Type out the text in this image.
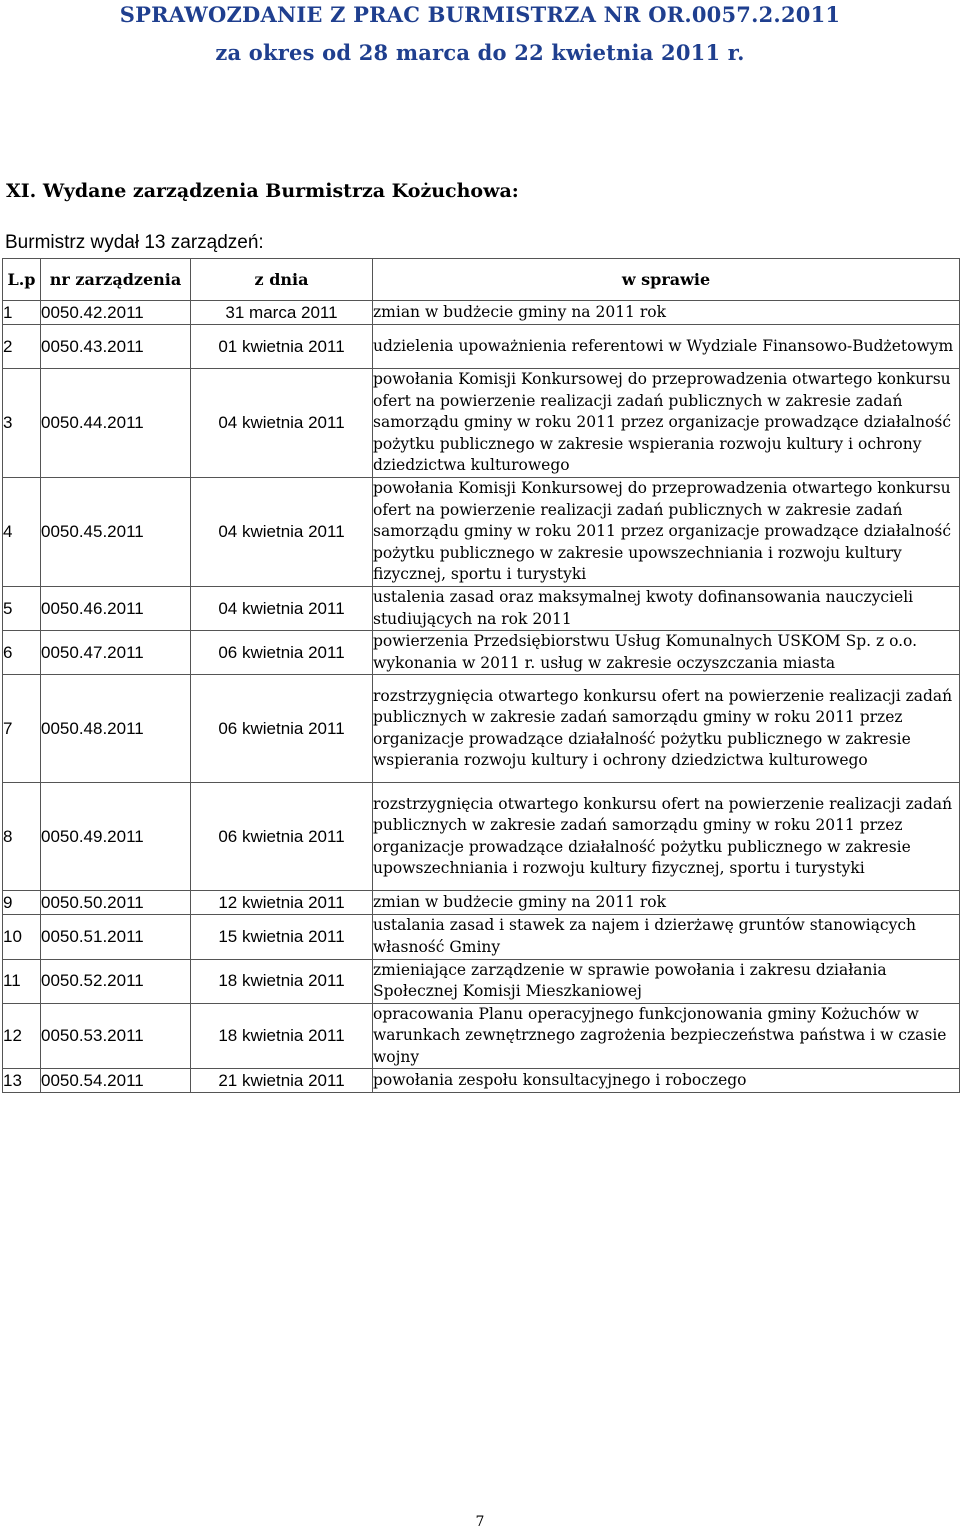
SPRAWOZDANIE Z PRAC BURMISTRZA NR OR.0057.2.2011
za okres od 28 marca do 22 kwietnia 2011 r.
XI. Wydane zarządzenia Burmistrza Kożuchowa:
Burmistrz wydał 13 zarządzeń:
L.p	nr zarządzenia	z dnia	w sprawie
1	0050.42.2011	31 marca 2011	zmian w budżecie gminy na 2011 rok
2	0050.43.2011	01 kwietnia 2011	udzielenia upoważnienia referentowi w Wydziale Finansowo-Budżetowym
3	0050.44.2011	04 kwietnia 2011	powołania Komisji Konkursowej do przeprowadzenia otwartego konkursu ofert na powierzenie realizacji zadań publicznych w zakresie zadań samorządu gminy w roku 2011 przez organizacje prowadzące działalność pożytku publicznego w zakresie wspierania rozwoju kultury i ochrony dziedzictwa kulturowego
4	0050.45.2011	04 kwietnia 2011	powołania Komisji Konkursowej do przeprowadzenia otwartego konkursu ofert na powierzenie realizacji zadań publicznych w zakresie zadań samorządu gminy w roku 2011 przez organizacje prowadzące działalność pożytku publicznego w zakresie upowszechniania i rozwoju kultury fizycznej, sportu i turystyki
5	0050.46.2011	04 kwietnia 2011	ustalenia zasad oraz maksymalnej kwoty dofinansowania nauczycieli studiujących na rok 2011
6	0050.47.2011	06 kwietnia 2011	powierzenia Przedsiębiorstwu Usług Komunalnych USKOM Sp. z o.o. wykonania w 2011 r. usług w zakresie oczyszczania miasta
7	0050.48.2011	06 kwietnia 2011	rozstrzygnięcia otwartego konkursu ofert na powierzenie realizacji zadań publicznych w zakresie zadań samorządu gminy w roku 2011 przez organizacje prowadzące działalność pożytku publicznego w zakresie wspierania rozwoju kultury i ochrony dziedzictwa kulturowego
8	0050.49.2011	06 kwietnia 2011	rozstrzygnięcia otwartego konkursu ofert na powierzenie realizacji zadań publicznych w zakresie zadań samorządu gminy w roku 2011 przez organizacje prowadzące działalność pożytku publicznego w zakresie upowszechniania i rozwoju kultury fizycznej, sportu i turystyki
9	0050.50.2011	12 kwietnia 2011	zmian w budżecie gminy na 2011 rok
10	0050.51.2011	15 kwietnia 2011	ustalania zasad i stawek za najem i dzierżawę gruntów stanowiących własność Gminy
11	0050.52.2011	18 kwietnia 2011	zmieniające zarządzenie w sprawie powołania i zakresu działania Społecznej Komisji Mieszkaniowej
12	0050.53.2011	18 kwietnia 2011	opracowania Planu operacyjnego funkcjonowania gminy Kożuchów w warunkach zewnętrznego zagrożenia bezpieczeństwa państwa i w czasie wojny
13	0050.54.2011	21 kwietnia 2011	powołania zespołu konsultacyjnego i roboczego
7
